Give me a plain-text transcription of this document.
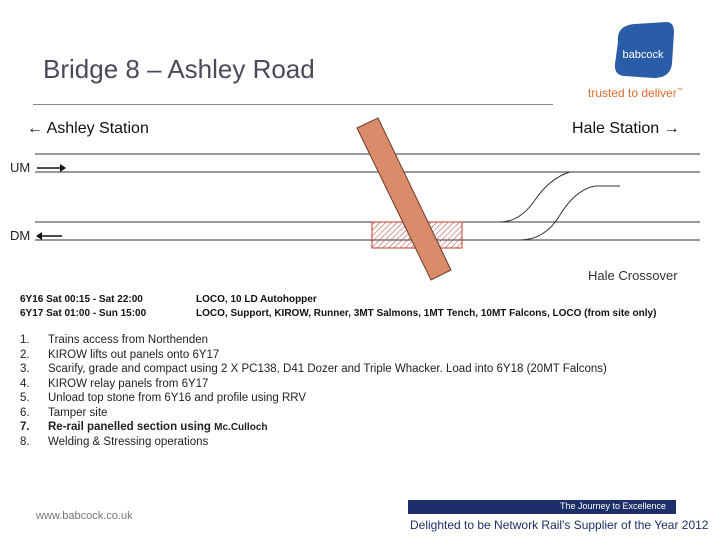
Bridge 8 – Ashley Road	babcock
trusted to deliver™
← Ashley Station	Hale Station →
UM
DM
Hale Crossover
6Y16 Sat 00:15 - Sat 22:00	LOCO, 10 LD Autohopper
6Y17 Sat 01:00 - Sun 15:00	LOCO, Support, KIROW, Runner, 3MT Salmons, 1MT Tench, 10MT Falcons, LOCO (from site only)
1. Trains access from Northenden
2. KIROW lifts out panels onto 6Y17
3. Scarify, grade and compact using 2 X PC138, D41 Dozer and Triple Whacker. Load into 6Y18 (20MT Falcons)
4. KIROW relay panels from 6Y17
5. Unload top stone from 6Y16 and profile using RRV
6. Tamper site
7. Re-rail panelled section using Mc.Culloch
8. Welding & Stressing operations
www.babcock.co.uk
The Journey to Excellence
Delighted to be Network Rail's Supplier of the Year 2012
